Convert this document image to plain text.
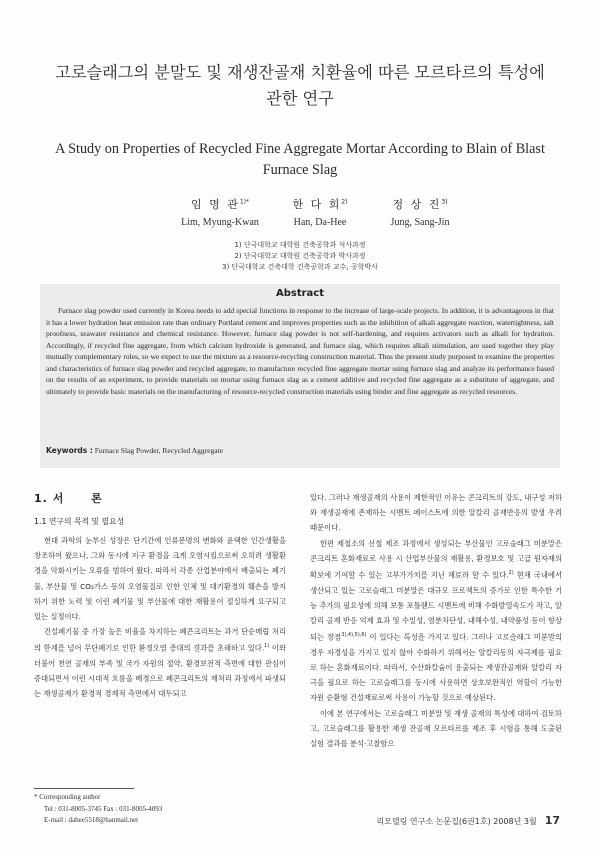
고로슬래그의 분말도 및 재생잔골재 치환율에 따른 모르타르의 특성에
관한 연구
A Study on Properties of Recycled Fine Aggregate Mortar According to Blain of Blast
Furnace Slag
임 명 관$^{1)*}$
Lim, Myung-Kwan
한 다 희$^{2)}$
Han, Da-Hee
정 상 진$^{3)}$
Jung, Sang-Jin
1) 단국대학교 대학원 건축공학과 석사과정
2) 단국대학교 대학원 건축공학과 박사과정
3) 단국대학교 건축대학 건축공학과 교수, 공학박사
Abstract
Furnace slag powder used currently in Korea needs to add special functions in response to the increase of large-scale projects. In addition, it is advantageous in that it has a lower hydration heat emission rate than ordinary Portland cement and improves properties such as the inhibition of alkali aggregate reaction, watertightness, salt proofness, seawater resistance and chemical resistance. However, furnace slag powder is not self-hardening, and requires activators such as alkali for hydration. Accordingly, if recycled fine aggregate, from which calcium hydroxide is generated, and furnace slag, which requires alkali stimulation, are used together they play mutually complementary roles, so we expect to use the mixture as a resource-recycling construction material. Thus the present study purposed to examine the properties and characteristics of furnace slag powder and recycled aggregate, to manufacture recycled fine aggregate mortar using furnace slag and analyze its performance based on the results of an experiment, to provide materials on mortar using furnace slag as a cement additive and recycled fine aggregate as a substitute of aggregate, and ultimately to provide basic materials on the manufacturing of resource-recycled construction materials using binder and fine aggregate as recycled resources.
Keywords : Furnace Slag Powder, Recycled Aggregate
1. 서 론
1.1 연구의 목적 및 필요성

현대 과학의 눈부신 성장은 단기간에 인류문명의 변화와 윤택한 인간생활을 창조하여 왔으나, 그와 동시에 지구 환경을 크게 오염시킴으로써 오히려 생활환경을 악화시키는 오류를 범하여 왔다. 따라서 각종 산업분야에서 배출되는 폐기물, 부산물 및 CO₂가스 등의 오염물질로 인한 인체 및 대기환경의 훼손을 방지하기 위한 노력 및 이런 폐기물 및 부산물에 대한 재활용이 절실하게 요구되고 있는 실정이다.

건설폐기물 중 가장 높은 비율을 차지하는 폐콘크리트는 과거 단순매립 처리의 한계를 넘어 무단폐기로 인한 환경오염 증대의 결과를 초래하고 있다.$^{1)}$ 이와 더불어 천연 골재의 부족 및 국가 자원의 절약, 환경보전적 측면에 대한 관심이 증대되면서 이런 시대적 흐름을 배경으로 폐콘크리트의 재처리 과정에서 파생되는 재생골재가 환경적 경제적 측면에서 대두되고

있다. 그러나 재생골재의 사용이 제한적인 이유는 콘크리트의 강도, 내구성 저하와 재생골재에 존재하는 시멘트 페이스트에 의한 알칼리 골재반응의 발생 우려 때문이다.

한편 제철소의 선철 제조 과정에서 생성되는 부산물인 고로슬래그 미분말은 콘크리트 혼화재료로 사용 시 산업부산물의 재활용, 환경보호 및 고급 원자재의 확보에 기여할 수 있는 고부가가치를 지닌 재료라 할 수 있다.$^{2)}$ 현재 국내에서 생산되고 있는 고로슬래그 미분말은 대규모 프로젝트의 증가로 인한 특수한 기능 추가의 필요성에 의해 보통 포틀랜드 시멘트에 비해 수화발열속도가 작고, 알칼리 골재 반응 억제 효과 및 수밀성, 염분차단성, 내해수성, 내약품성 등이 향상되는 장점$^{3),4),5),6)}$ 이 있다는 특성을 가지고 있다. 그러나 고로슬래그 미분말의 경우 자경성을 가지고 있지 않아 수화하기 위해서는 알칼리등의 자극제를 필요로 하는 혼화재료이다. 따라서, 수산화칼슘이 용출되는 재생잔골재와 알칼리 자극을 필요로 하는 고로슬래그를 동시에 사용하면 상호보완적인 역할이 가능한 자원 순환형 건설재료로써 사용이 가능할 것으로 예상된다.

이에 본 연구에서는 고로슬래그 미분말 및 재생 골재의 특성에 대하여 검토하고, 고로슬래그를 활용한 재생 잔골재 모르타르를 제조 후 시험을 통해 도출된 실험 결과를 분석·고찰함으

* Corresponding author
Tel : 031-8005-3745 Fax : 031-8005-4093
E-mail : dahee5518@hanmail.net	리모델링 연구소 논문집(6권1호) 2008년 3월 17
